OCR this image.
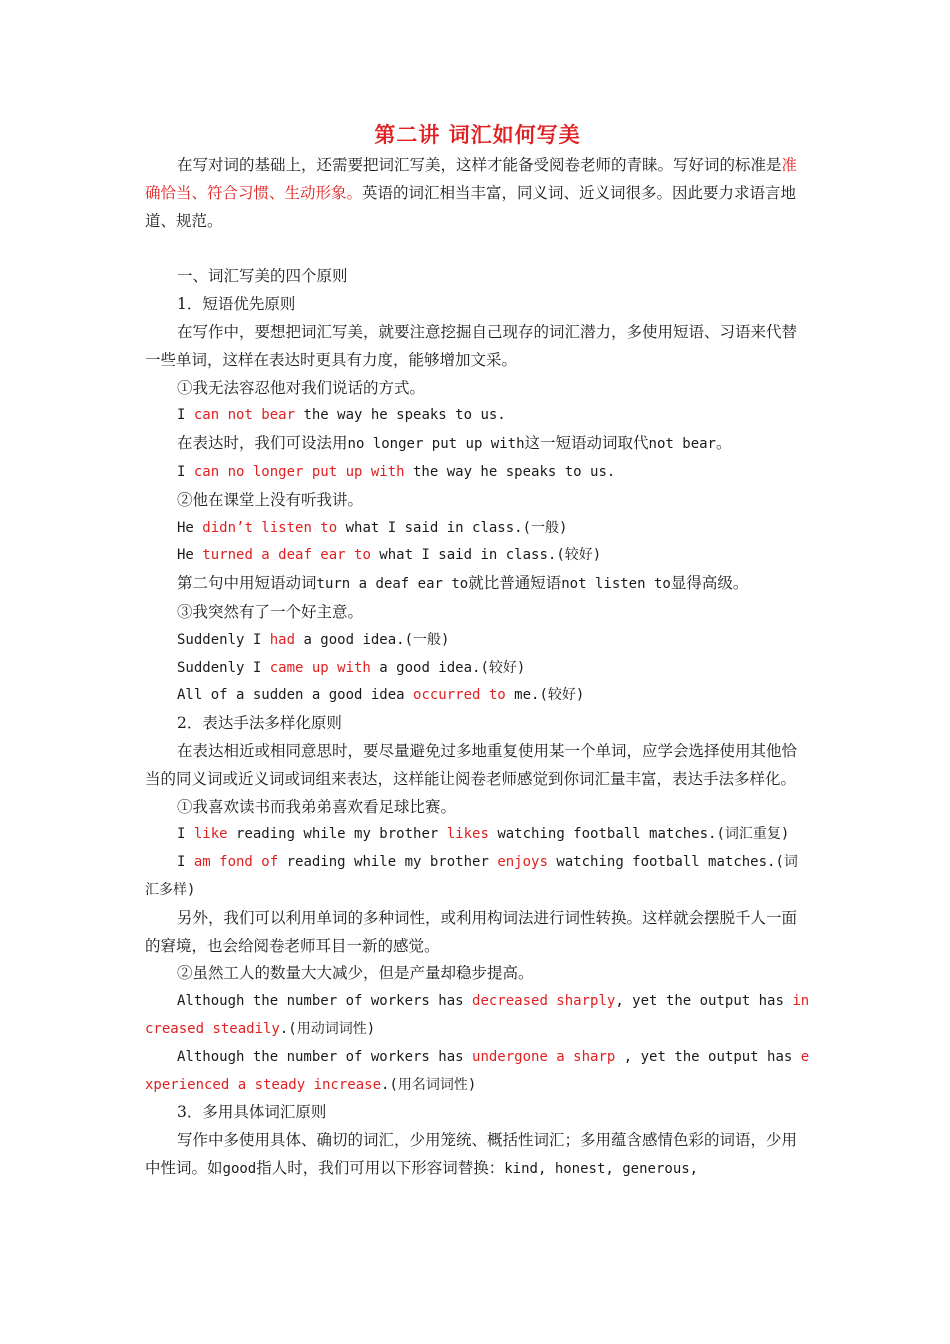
第二讲 词汇如何写美

在写对词的基础上，还需要把词汇写美，这样才能备受阅卷老师的青睐。写好词的标准是准确恰当、符合习惯、生动形象。英语的词汇相当丰富，同义词、近义词很多。因此要力求语言地道、规范。

一、词汇写美的四个原则

1．短语优先原则

在写作中，要想把词汇写美，就要注意挖掘自己现存的词汇潜力，多使用短语、习语来代替一些单词，这样在表达时更具有力度，能够增加文采。

①我无法容忍他对我们说话的方式。

I can not bear the way he speaks to us.

在表达时，我们可设法用no longer put up with这一短语动词取代not bear。

I can no longer put up with the way he speaks to us.

②他在课堂上没有听我讲。

He didn’t listen to what I said in class.(一般)

He turned a deaf ear to what I said in class.(较好)

第二句中用短语动词turn a deaf ear to就比普通短语not listen to显得高级。

③我突然有了一个好主意。

Suddenly I had a good idea.(一般)

Suddenly I came up with a good idea.(较好)

All of a sudden a good idea occurred to me.(较好)

2．表达手法多样化原则

在表达相近或相同意思时，要尽量避免过多地重复使用某一个单词，应学会选择使用其他恰当的同义词或近义词或词组来表达，这样能让阅卷老师感觉到你词汇量丰富，表达手法多样化。

①我喜欢读书而我弟弟喜欢看足球比赛。

I like reading while my brother likes watching football matches.(词汇重复)

I am fond of reading while my brother enjoys watching football matches.(词汇多样)

另外，我们可以利用单词的多种词性，或利用构词法进行词性转换。这样就会摆脱千人一面的窘境，也会给阅卷老师耳目一新的感觉。

②虽然工人的数量大大减少，但是产量却稳步提高。

Although the number of workers has decreased sharply, yet the output has increased steadily.(用动词词性)

Although the number of workers has undergone a sharp , yet the output has experienced a steady increase.(用名词词性)

3．多用具体词汇原则

写作中多使用具体、确切的词汇，少用笼统、概括性词汇；多用蕴含感情色彩的词语，少用中性词。如good指人时，我们可用以下形容词替换：kind, honest, generous,
